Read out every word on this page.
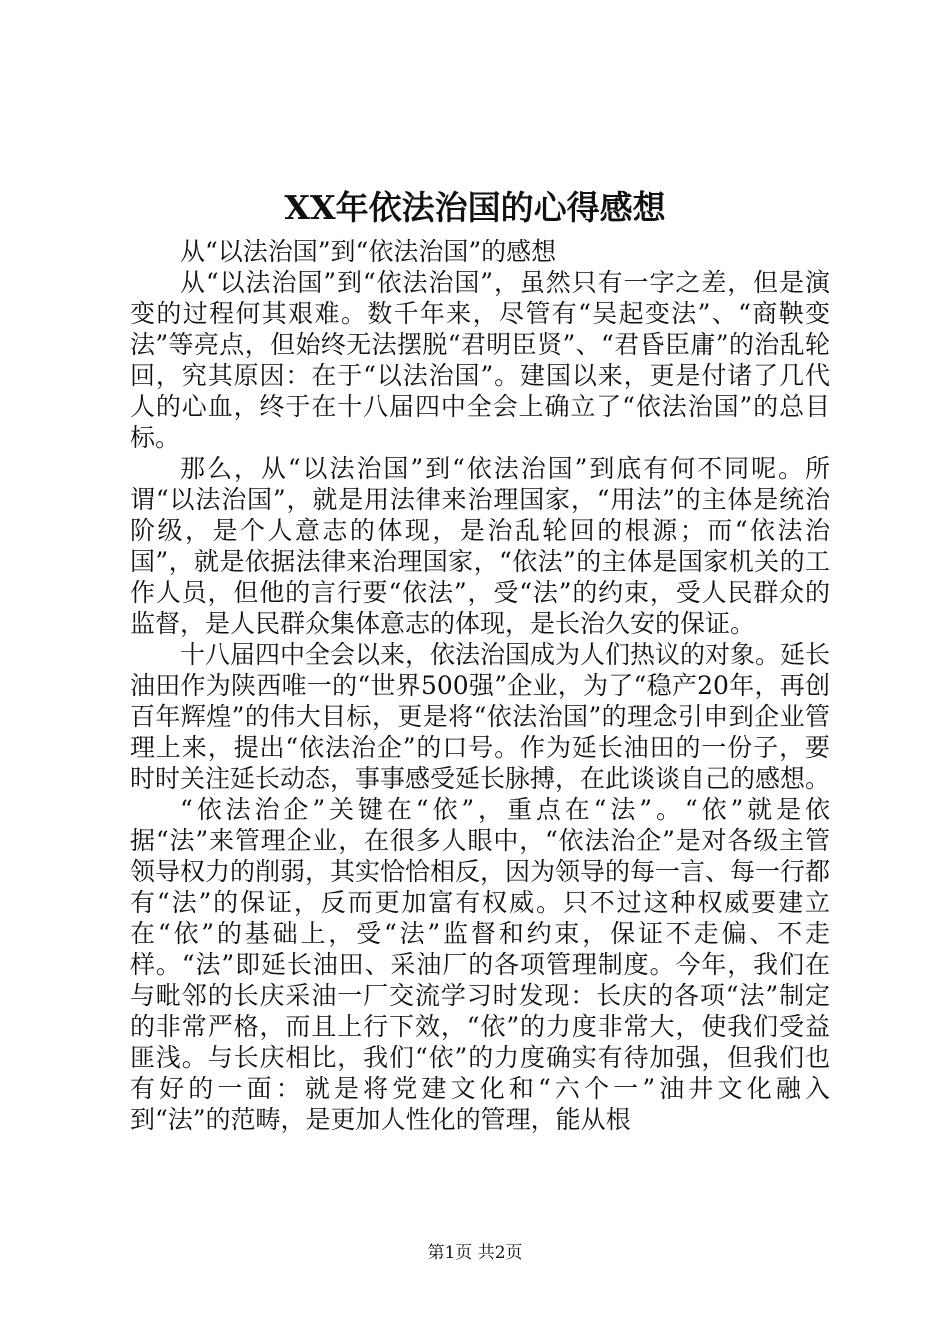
XX年依法治国的心得感想

从“以法治国”到“依法治国”的感想

从“以法治国”到“依法治国”，虽然只有一字之差，但是演变的过程何其艰难。数千年来，尽管有“吴起变法”、“商鞅变法”等亮点，但始终无法摆脱“君明臣贤”、“君昏臣庸”的治乱轮回，究其原因：在于“以法治国”。建国以来，更是付诸了几代人的心血，终于在十八届四中全会上确立了“依法治国”的总目标。

那么，从“以法治国”到“依法治国”到底有何不同呢。所谓“以法治国”，就是用法律来治理国家，“用法”的主体是统治阶级，是个人意志的体现，是治乱轮回的根源；而“依法治国”，就是依据法律来治理国家，“依法”的主体是国家机关的工作人员，但他的言行要“依法”，受“法”的约束，受人民群众的监督，是人民群众集体意志的体现，是长治久安的保证。

十八届四中全会以来，依法治国成为人们热议的对象。延长油田作为陕西唯一的“世界500强”企业，为了“稳产20年，再创百年辉煌”的伟大目标，更是将“依法治国”的理念引申到企业管理上来，提出“依法治企”的口号。作为延长油田的一份子，要时时关注延长动态，事事感受延长脉搏，在此谈谈自己的感想。

“依法治企”关键在“依”，重点在“法”。“依”就是依据“法”来管理企业，在很多人眼中，“依法治企”是对各级主管领导权力的削弱，其实恰恰相反，因为领导的每一言、每一行都有“法”的保证，反而更加富有权威。只不过这种权威要建立在“依”的基础上，受“法”监督和约束，保证不走偏、不走样。“法”即延长油田、采油厂的各项管理制度。今年，我们在与毗邻的长庆采油一厂交流学习时发现：长庆的各项“法”制定的非常严格，而且上行下效，“依”的力度非常大，使我们受益匪浅。与长庆相比，我们“依”的力度确实有待加强，但我们也有好的一面：就是将党建文化和“六个一”油井文化融入到“法”的范畴，是更加人性化的管理，能从根

第1页 共2页
